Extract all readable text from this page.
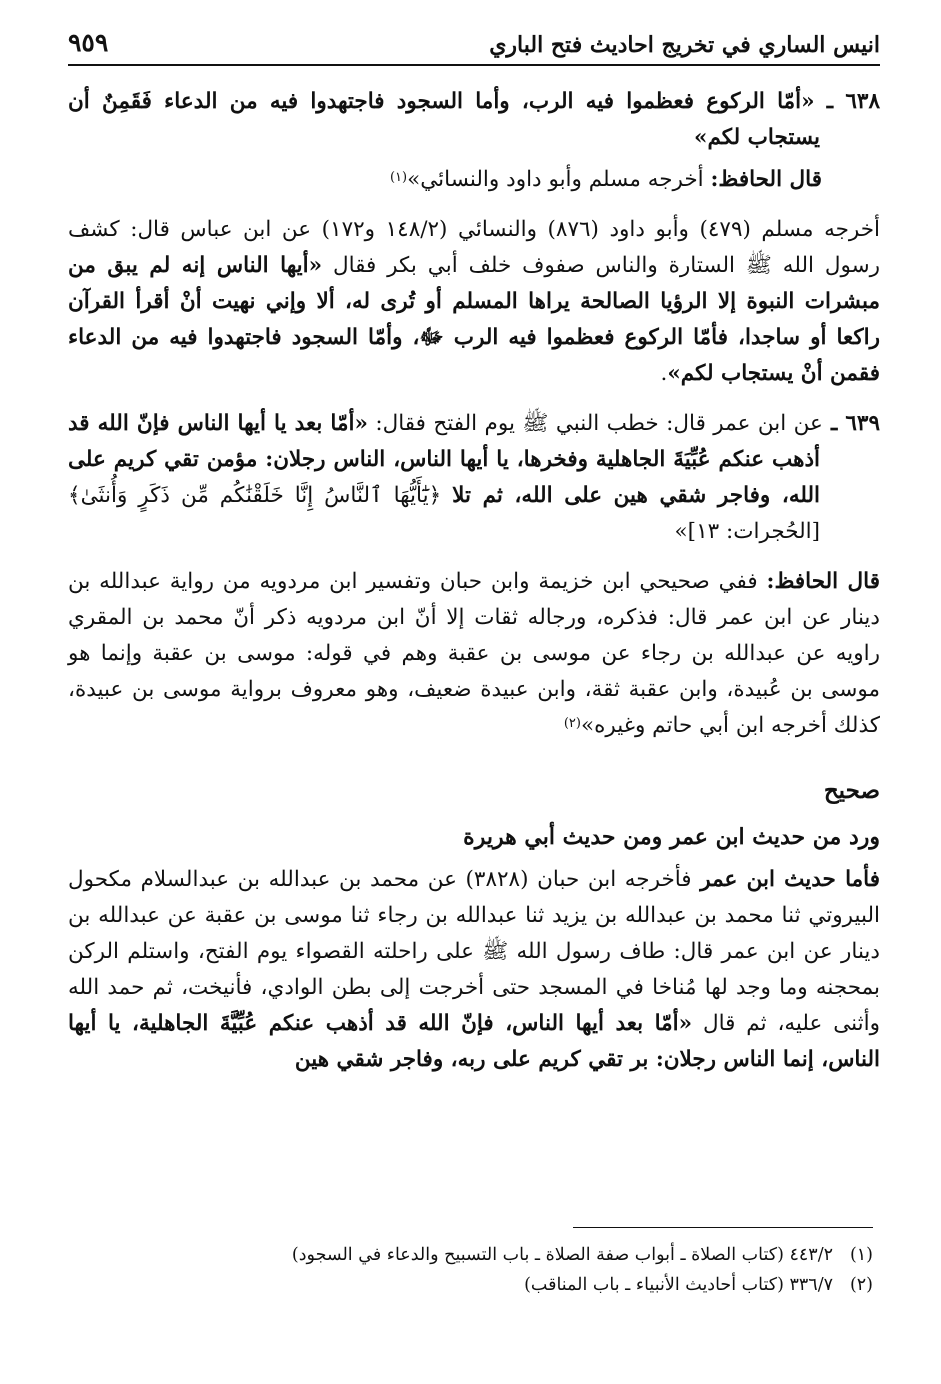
انيس الساري في تخريج احاديث فتح الباري
٩٥٩

٦٣٨ ـ «أمّا الركوع فعظموا فيه الرب، وأما السجود فاجتهدوا فيه من الدعاء فَقَمِنٌ أن يستجاب لكم»

قال الحافظ: أخرجه مسلم وأبو داود والنسائي»$^{(١)}$

أخرجه مسلم (٤٧٩) وأبو داود (٨٧٦) والنسائي (١٤٨/٢ و١٧٢) عن ابن عباس قال: كشف رسول الله ﷺ الستارة والناس صفوف خلف أبي بكر فقال «أيها الناس إنه لم يبق من مبشرات النبوة إلا الرؤيا الصالحة يراها المسلم أو تُرى له، ألا وإني نهيت أنْ أقرأ القرآن راكعا أو ساجدا، فأمّا الركوع فعظموا فيه الرب ﷻ، وأمّا السجود فاجتهدوا فيه من الدعاء فقمن أنْ يستجاب لكم».

٦٣٩ ـ عن ابن عمر قال: خطب النبي ﷺ يوم الفتح فقال: «أمّا بعد يا أيها الناس فإنّ الله قد أذهب عنكم عُبِّيَةَ الجاهلية وفخرها، يا أيها الناس، الناس رجلان: مؤمن تقي كريم على الله، وفاجر شقي هين على الله، ثم تلا ﴿يَٰٓأَيُّهَا ٱلنَّاسُ إِنَّا خَلَقْنَٰكُم مِّن ذَكَرٍ وَأُنثَىٰ﴾ [الحُجرات: ١٣]»

قال الحافظ: ففي صحيحي ابن خزيمة وابن حبان وتفسير ابن مردويه من رواية عبدالله بن دينار عن ابن عمر قال: فذكره، ورجاله ثقات إلا أنّ ابن مردويه ذكر أنّ محمد بن المقري راويه عن عبدالله بن رجاء عن موسى بن عقبة وهم في قوله: موسى بن عقبة وإنما هو موسى بن عُبيدة، وابن عقبة ثقة، وابن عبيدة ضعيف، وهو معروف برواية موسى بن عبيدة، كذلك أخرجه ابن أبي حاتم وغيره»$^{(٢)}$

صحيح

ورد من حديث ابن عمر ومن حديث أبي هريرة

فأما حديث ابن عمر فأخرجه ابن حبان (٣٨٢٨) عن محمد بن عبدالله بن عبدالسلام مكحول البيروتي ثنا محمد بن عبدالله بن يزيد ثنا عبدالله بن رجاء ثنا موسى بن عقبة عن عبدالله بن دينار عن ابن عمر قال: طاف رسول الله ﷺ على راحلته القصواء يوم الفتح، واستلم الركن بمحجنه وما وجد لها مُناخا في المسجد حتى أخرجت إلى بطن الوادي، فأنيخت، ثم حمد الله وأثنى عليه، ثم قال «أمّا بعد أيها الناس، فإنّ الله قد أذهب عنكم عُبِّيَّةَ الجاهلية، يا أيها الناس، إنما الناس رجلان: بر تقي كريم على ربه، وفاجر شقي هين

(١)٤٤٣/٢ (كتاب الصلاة ـ أبواب صفة الصلاة ـ باب التسبيح والدعاء في السجود)
(٢)٣٣٦/٧ (كتاب أحاديث الأنبياء ـ باب المناقب)
